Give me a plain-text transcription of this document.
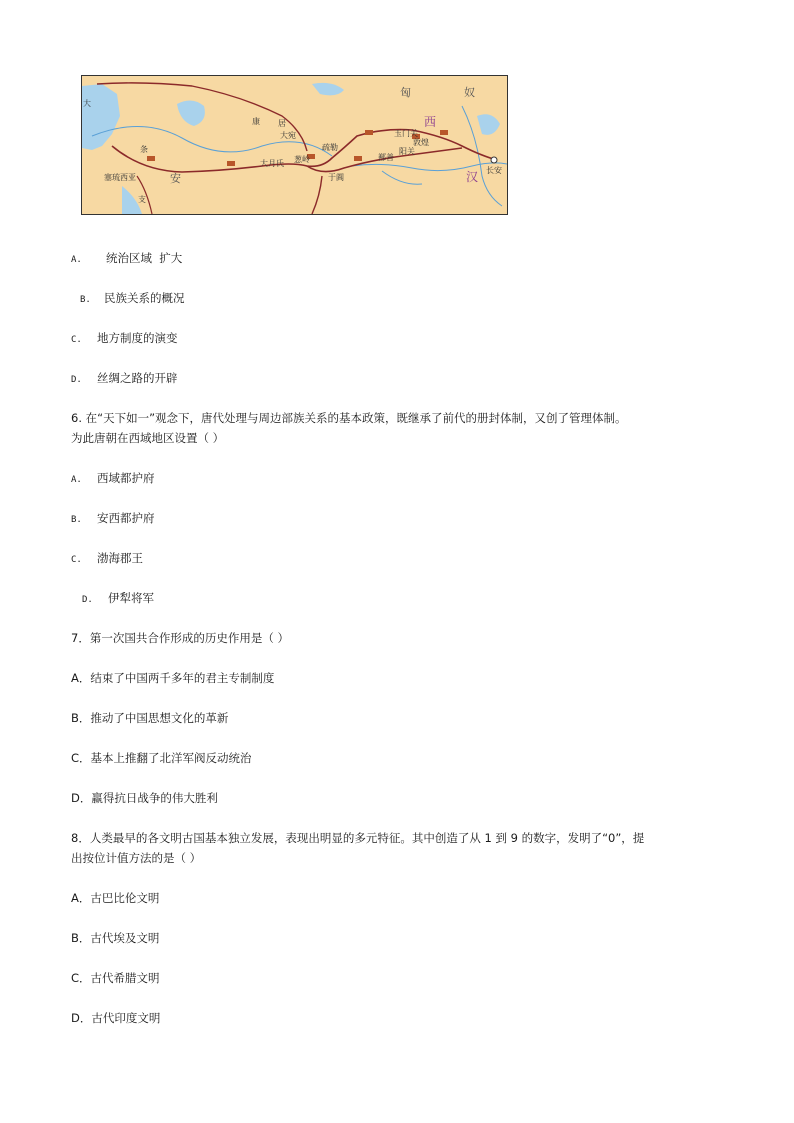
大
匈	奴
西
汉
康 居
大宛	玉门关
敦煌
阳关
鄯善
疏勒
葱岭
大月氏
于阗
长安
条
安
支
塞琉西亚
A. 统治区域  扩大
B. 民族关系的概况
C. 地方制度的演变
D. 丝绸之路的开辟
6. 在“天下如一”观念下，唐代处理与周边部族关系的基本政策，既继承了前代的册封体制，又创了管理体制。
为此唐朝在西域地区设置（ ）
A. 西域都护府
B. 安西都护府
C. 渤海郡王
D. 伊犁将军
7．第一次国共合作形成的历史作用是（ ）
A．结束了中国两千多年的君主专制制度
B．推动了中国思想文化的革新
C．基本上推翻了北洋军阀反动统治
D．赢得抗日战争的伟大胜利
8．人类最早的各文明古国基本独立发展，表现出明显的多元特征。其中创造了从 1 到 9 的数字，发明了“0”，提
出按位计值方法的是（ ）
A．古巴比伦文明
B．古代埃及文明
C．古代希腊文明
D．古代印度文明
